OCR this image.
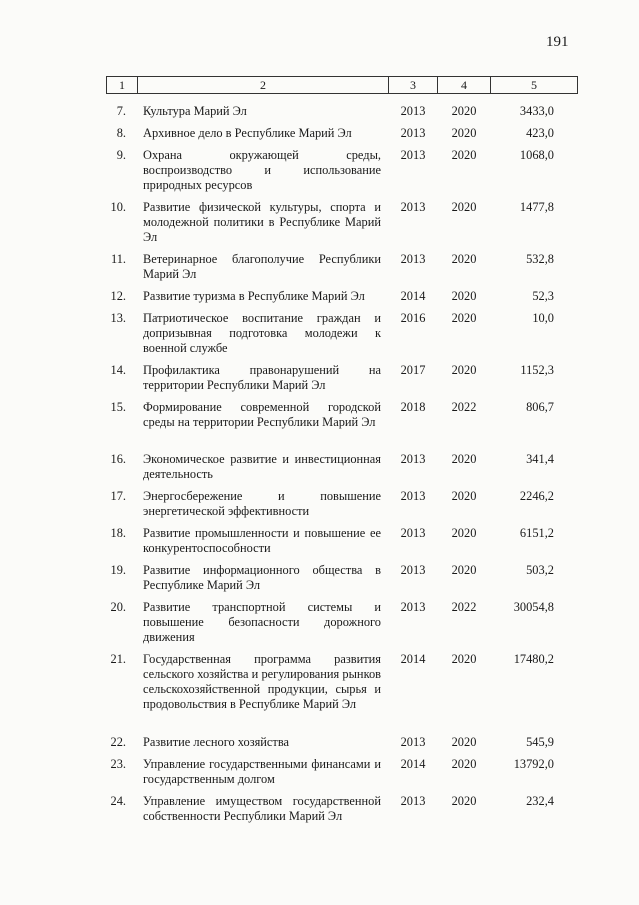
191
1	2	3	4	5
7. Культура Марий Эл	2013	2020	3433,0
8. Архивное дело в Республике Марий Эл	2013	2020	423,0
9. Охрана окружающей среды, воспроизводство и использование природных ресурсов
2013	2020	1068,0
10. Развитие физической культуры, спорта и молодежной политики в Республике Марий Эл
2013	2020	1477,8
11. Ветеринарное благополучие Республики Марий Эл
2013	2020	532,8
12. Развитие туризма в Республике Марий Эл	2014	2020	52,3
13. Патриотическое воспитание граждан и допризывная подготовка молодежи к военной службе
2016	2020	10,0
14. Профилактика правонарушений на территории Республики Марий Эл
2017	2020	1152,3
15. Формирование современной городской среды на территории Республики Марий Эл
2018	2022	806,7
16. Экономическое развитие и инвестиционная деятельность
2013	2020	341,4
17. Энергосбережение и повышение энергетической эффективности
2013	2020	2246,2
18. Развитие промышленности и повышение ее конкурентоспособности
2013	2020	6151,2
19. Развитие информационного общества в Республике Марий Эл
2013	2020	503,2
20. Развитие транспортной системы и повышение безопасности дорожного движения
2013	2022	30054,8
21. Государственная программа развития сельского хозяйства и регулирования рынков сельскохозяйственной продукции, сырья и продовольствия в Республике Марий Эл
2014	2020	17480,2
22. Развитие лесного хозяйства	2013	2020	545,9
23. Управление государственными финансами и государственным долгом
2014	2020	13792,0
24. Управление имуществом государственной собственности Республики Марий Эл
2013	2020	232,4
